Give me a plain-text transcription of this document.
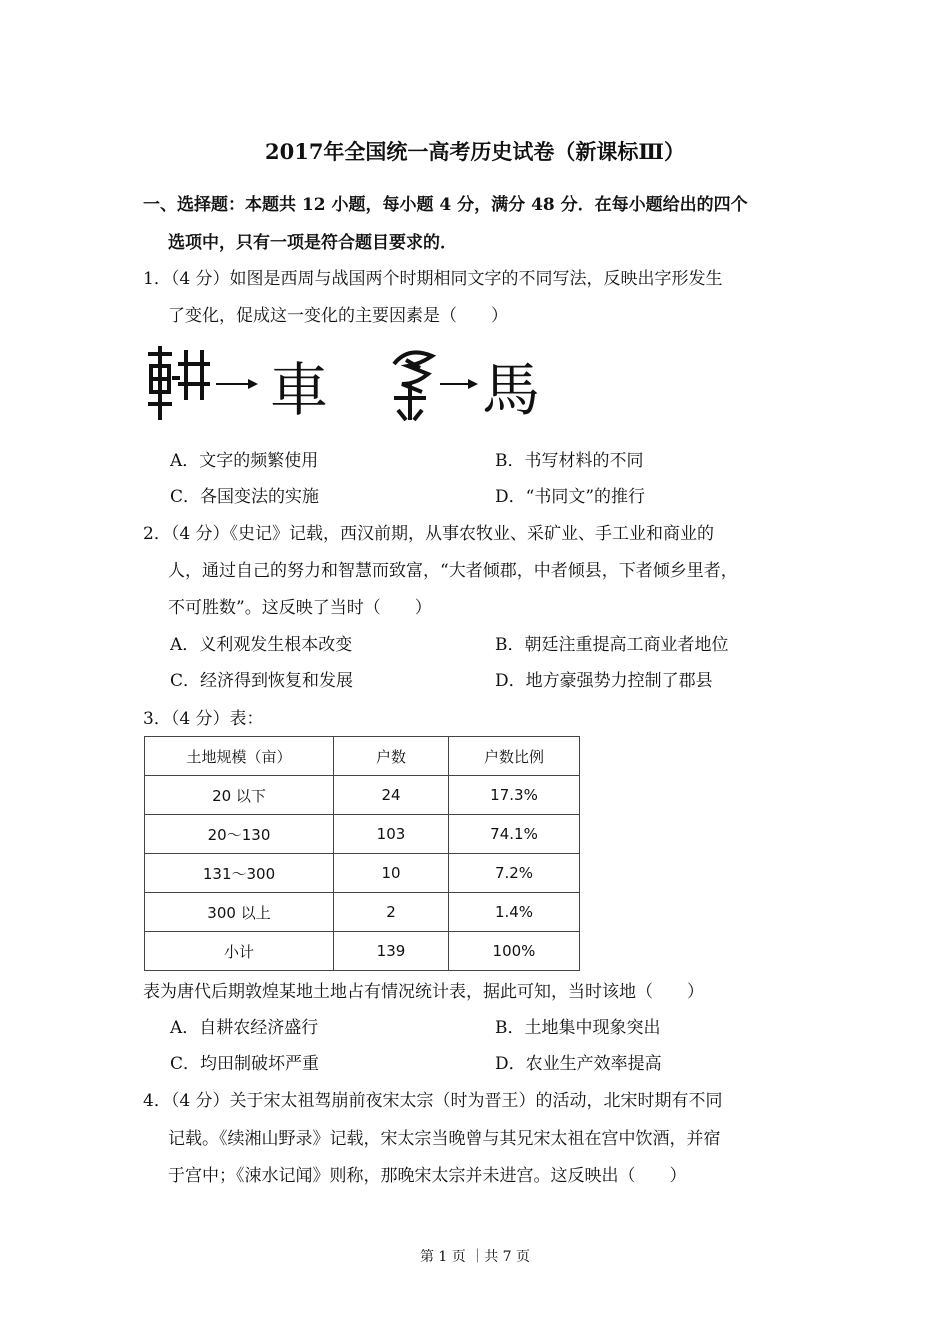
2017年全国统一高考历史试卷（新课标Ⅲ）
一、选择题：本题共 12 小题，每小题 4 分，满分 48 分．在每小题给出的四个
选项中，只有一项是符合题目要求的．
1．（4 分）如图是西周与战国两个时期相同文字的不同写法，反映出字形发生
了变化，促成这一变化的主要因素是（　　）
車	馬
A．文字的频繁使用	B．书写材料的不同
C．各国变法的实施	D．“书同文”的推行
2．（4 分）《史记》记载，西汉前期，从事农牧业、采矿业、手工业和商业的
人，通过自己的努力和智慧而致富，“大者倾郡，中者倾县，下者倾乡里者，
不可胜数”。这反映了当时（　　）
A．义利观发生根本改变	B．朝廷注重提高工商业者地位
C．经济得到恢复和发展	D．地方豪强势力控制了郡县
3．（4 分）表：
土地规模（亩）	户数	户数比例
20 以下	24	17.3%
20～130	103	74.1%
131～300	10	7.2%
300 以上	2	1.4%
小计	139	100%
表为唐代后期敦煌某地土地占有情况统计表，据此可知，当时该地（　　）
A．自耕农经济盛行	B．土地集中现象突出
C．均田制破坏严重	D．农业生产效率提高
4．（4 分）关于宋太祖驾崩前夜宋太宗（时为晋王）的活动，北宋时期有不同
记载。《续湘山野录》记载，宋太宗当晚曾与其兄宋太祖在宫中饮酒，并宿
于宫中；《涑水记闻》则称，那晚宋太宗并未进宫。这反映出（　　）
第 1 页 ｜共 7 页
